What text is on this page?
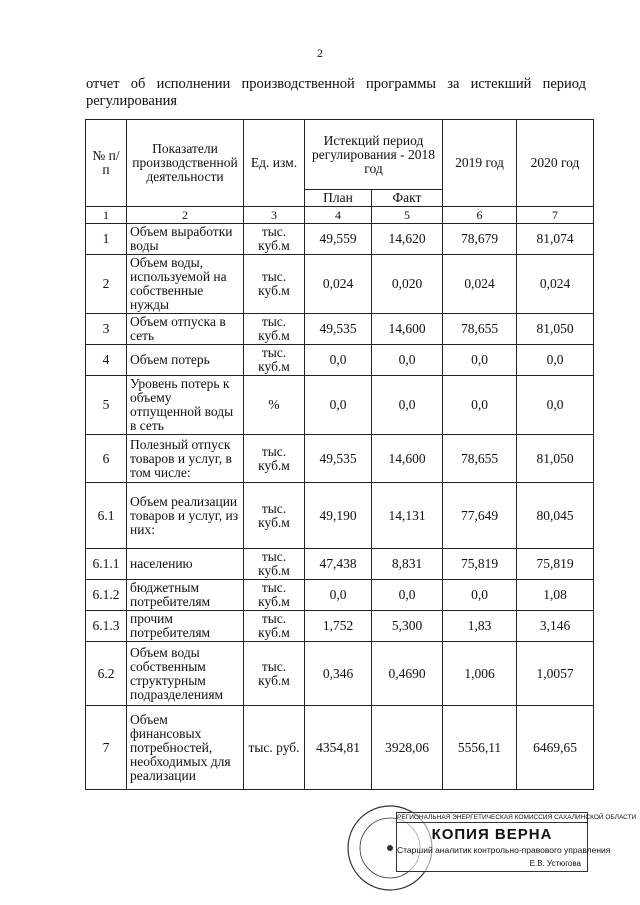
2
отчет об исполнении производственной программы за истекший период регулирования
№ п/п	Показатели производственной деятельности	Ед. изм.	Истекций период регулирования - 2018 год		2019 год	2020 год
			План	Факт		
1	2	3	4	5	6	7
1	Объем выработки воды	тыс. куб.м	49,559	14,620	78,679	81,074
2	Объем воды, используемой на собственные нужды	тыс. куб.м	0,024	0,020	0,024	0,024
3	Объем отпуска в сеть	тыс. куб.м	49,535	14,600	78,655	81,050
4	Объем потерь	тыс. куб.м	0,0	0,0	0,0	0,0
5	Уровень потерь к объему отпущенной воды в сеть	%	0,0	0,0	0,0	0,0
6	Полезный отпуск товаров и услуг, в том числе:	тыс. куб.м	49,535	14,600	78,655	81,050
6.1	Объем реализации товаров и услуг, из них:	тыс. куб.м	49,190	14,131	77,649	80,045
6.1.1	населению	тыс. куб.м	47,438	8,831	75,819	75,819
6.1.2	бюджетным потребителям	тыс. куб.м	0,0	0,0	0,0	1,08
6.1.3	прочим потребителям	тыс. куб.м	1,752	5,300	1,83	3,146
6.2	Объем воды собственным структурным подразделениям	тыс. куб.м	0,346	0,4690	1,006	1,0057
7	Объем финансовых потребностей, необходимых для реализации	тыс. руб.	4354,81	3928,06	5556,11	6469,65
РЕГИОНАЛЬНАЯ ЭНЕРГЕТИЧЕСКАЯ КОМИССИЯ САХАЛИНСКОЙ ОБЛАСТИ
КОПИЯ ВЕРНА
Старший аналитик контрольно-правового управления
Е.В. Устюгова
